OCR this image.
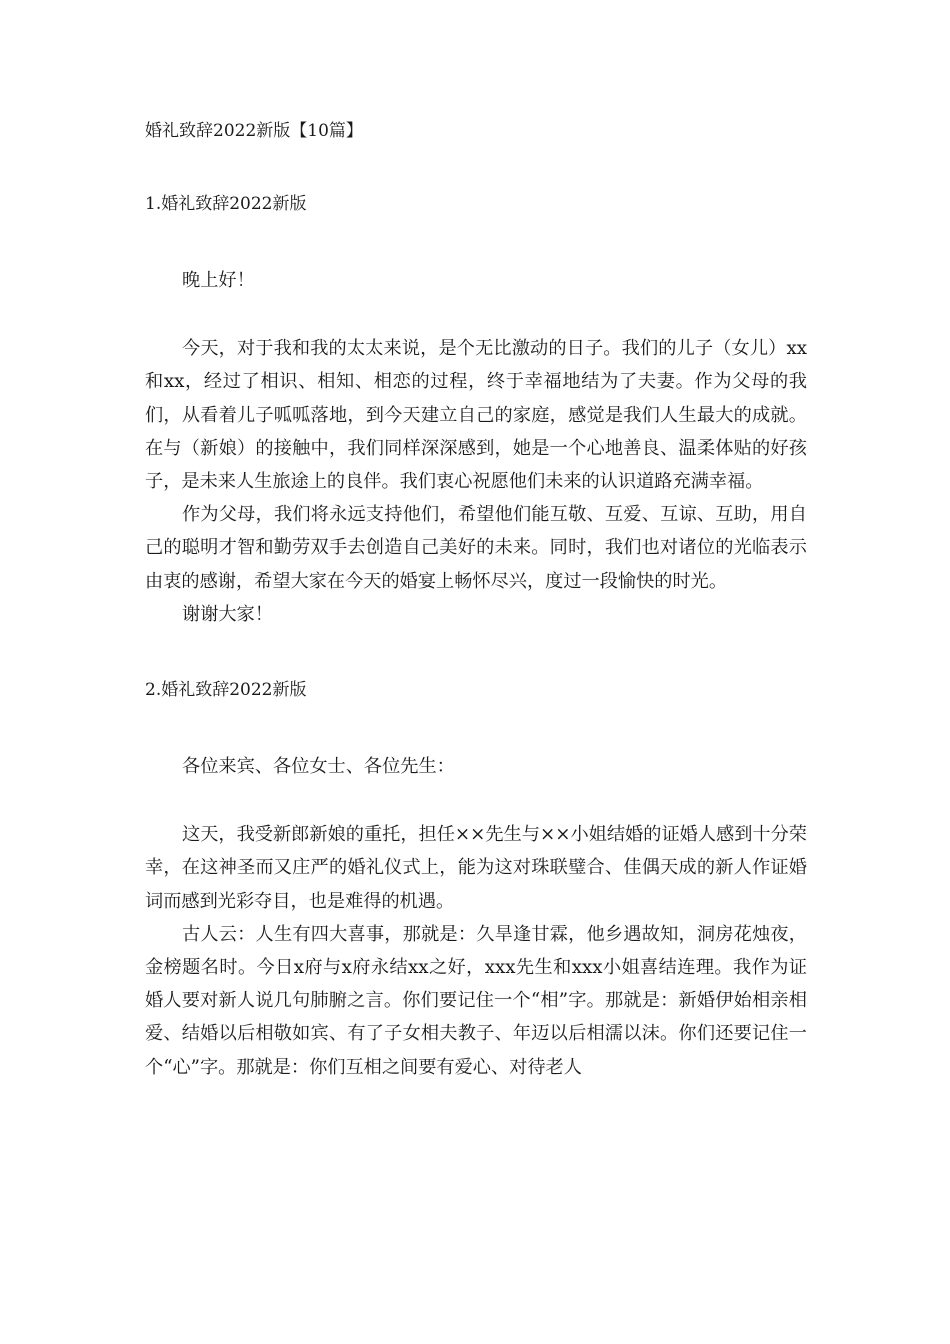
婚礼致辞2022新版【10篇】
1.婚礼致辞2022新版

晚上好！

今天，对于我和我的太太来说，是个无比激动的日子。我们的儿子（女儿）xx和xx，经过了相识、相知、相恋的过程，终于幸福地结为了夫妻。作为父母的我们，从看着儿子呱呱落地，到今天建立自己的家庭，感觉是我们人生最大的成就。在与（新娘）的接触中，我们同样深深感到，她是一个心地善良、温柔体贴的好孩子，是未来人生旅途上的良伴。我们衷心祝愿他们未来的认识道路充满幸福。

作为父母，我们将永远支持他们，希望他们能互敬、互爱、互谅、互助，用自己的聪明才智和勤劳双手去创造自己美好的未来。同时，我们也对诸位的光临表示由衷的感谢，希望大家在今天的婚宴上畅怀尽兴，度过一段愉快的时光。

谢谢大家！

2.婚礼致辞2022新版

各位来宾、各位女士、各位先生：

这天，我受新郎新娘的重托，担任××先生与××小姐结婚的证婚人感到十分荣幸，在这神圣而又庄严的婚礼仪式上，能为这对珠联璧合、佳偶天成的新人作证婚词而感到光彩夺目，也是难得的机遇。

古人云：人生有四大喜事，那就是：久旱逢甘霖，他乡遇故知，洞房花烛夜，金榜题名时。今日x府与x府永结xx之好，xxx先生和xxx小姐喜结连理。我作为证婚人要对新人说几句肺腑之言。你们要记住一个“相”字。那就是：新婚伊始相亲相爱、结婚以后相敬如宾、有了子女相夫教子、年迈以后相濡以沫。你们还要记住一个“心”字。那就是：你们互相之间要有爱心、对待老人
